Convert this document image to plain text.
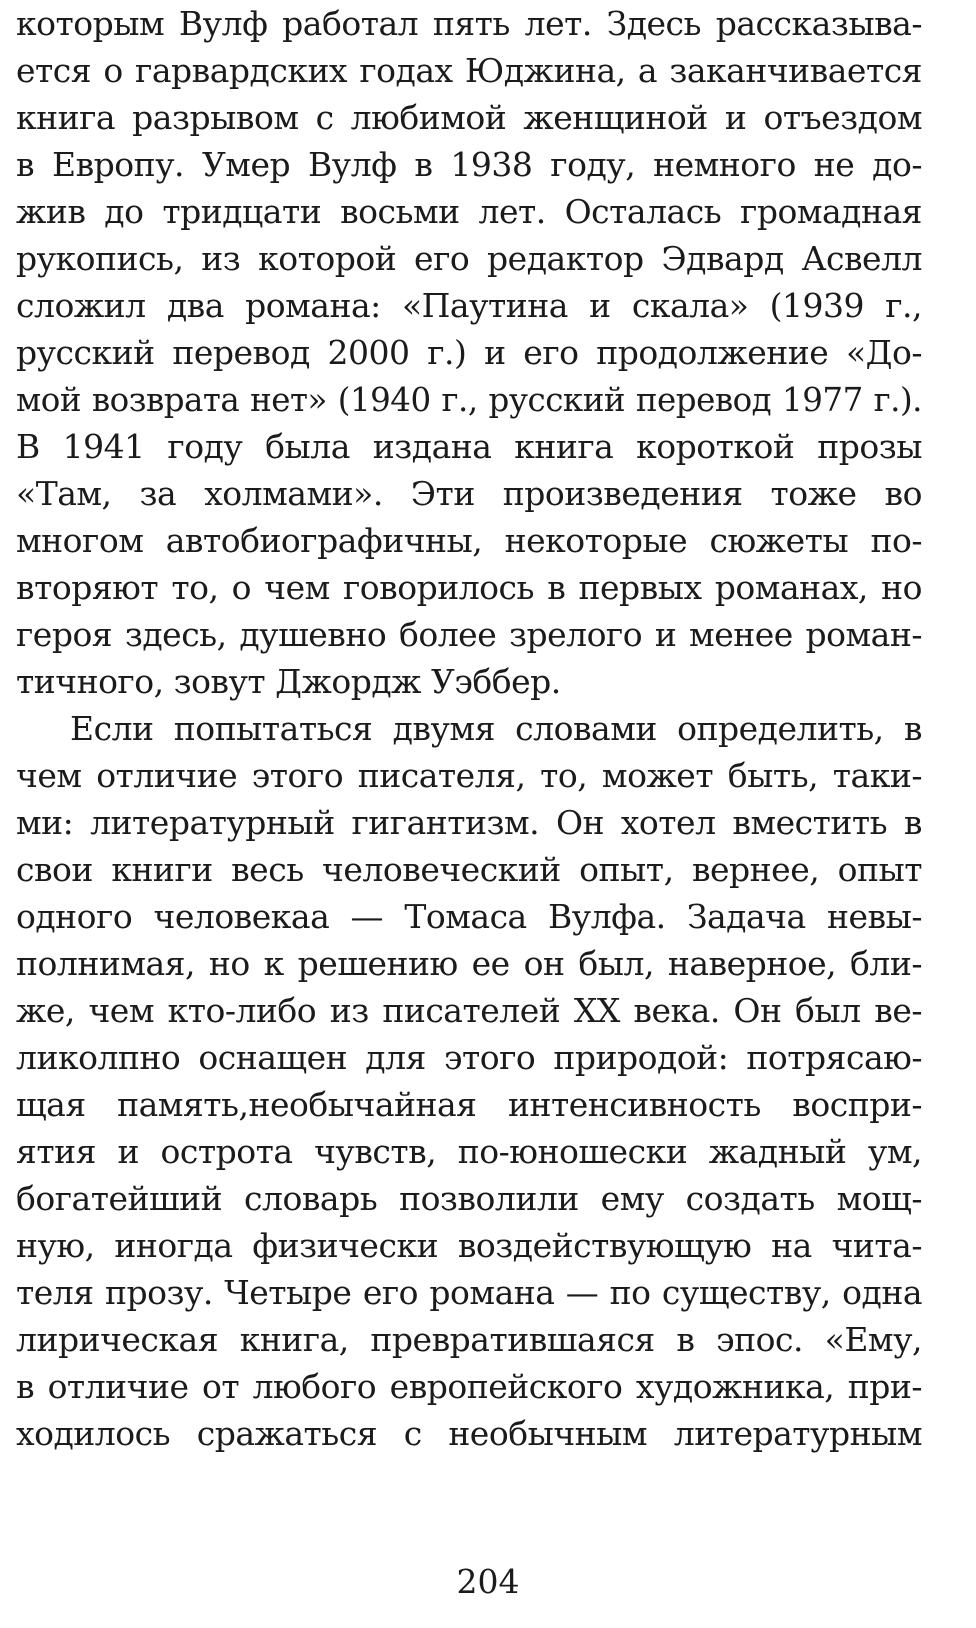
которым Вулф работал пять лет. Здесь рассказыва-
ется о гарвардских годах Юджина, а заканчивается
книга разрывом с любимой женщиной и отъездом
в Европу. Умер Вулф в 1938 году, немного не до-
жив до тридцати восьми лет. Осталась громадная
рукопись, из которой его редактор Эдвард Асвелл
сложил два романа: «Паутина и скала» (1939 г.,
русский перевод 2000 г.) и его продолжение «До-
мой возврата нет» (1940 г., русский перевод 1977 г.).
В 1941 году была издана книга короткой прозы
«Там, за холмами». Эти произведения тоже во
многом автобиографичны, некоторые сюжеты по-
вторяют то, о чем говорилось в первых романах, но
героя здесь, душевно более зрелого и менее роман-
тичного, зовут Джордж Уэббер.
Если попытаться двумя словами определить, в
чем отличие этого писателя, то, может быть, таки-
ми: литературный гигантизм. Он хотел вместить в
свои книги весь человеческий опыт, вернее, опыт
одного человекаа — Томаса Вулфа. Задача невы-
полнимая, но к решению ее он был, наверное, бли-
же, чем кто-либо из писателей XX века. Он был ве-
ликолпно оснащен для этого природой: потрясаю-
щая память,необычайная интенсивность воспри-
ятия и острота чувств, по-юношески жадный ум,
богатейший словарь позволили ему создать мощ-
ную, иногда физически воздействующую на чита-
теля прозу. Четыре его романа — по существу, одна
лирическая книга, превратившаяся в эпос. «Ему,
в отличие от любого европейского художника, при-
ходилось сражаться с необычным литературным
204
